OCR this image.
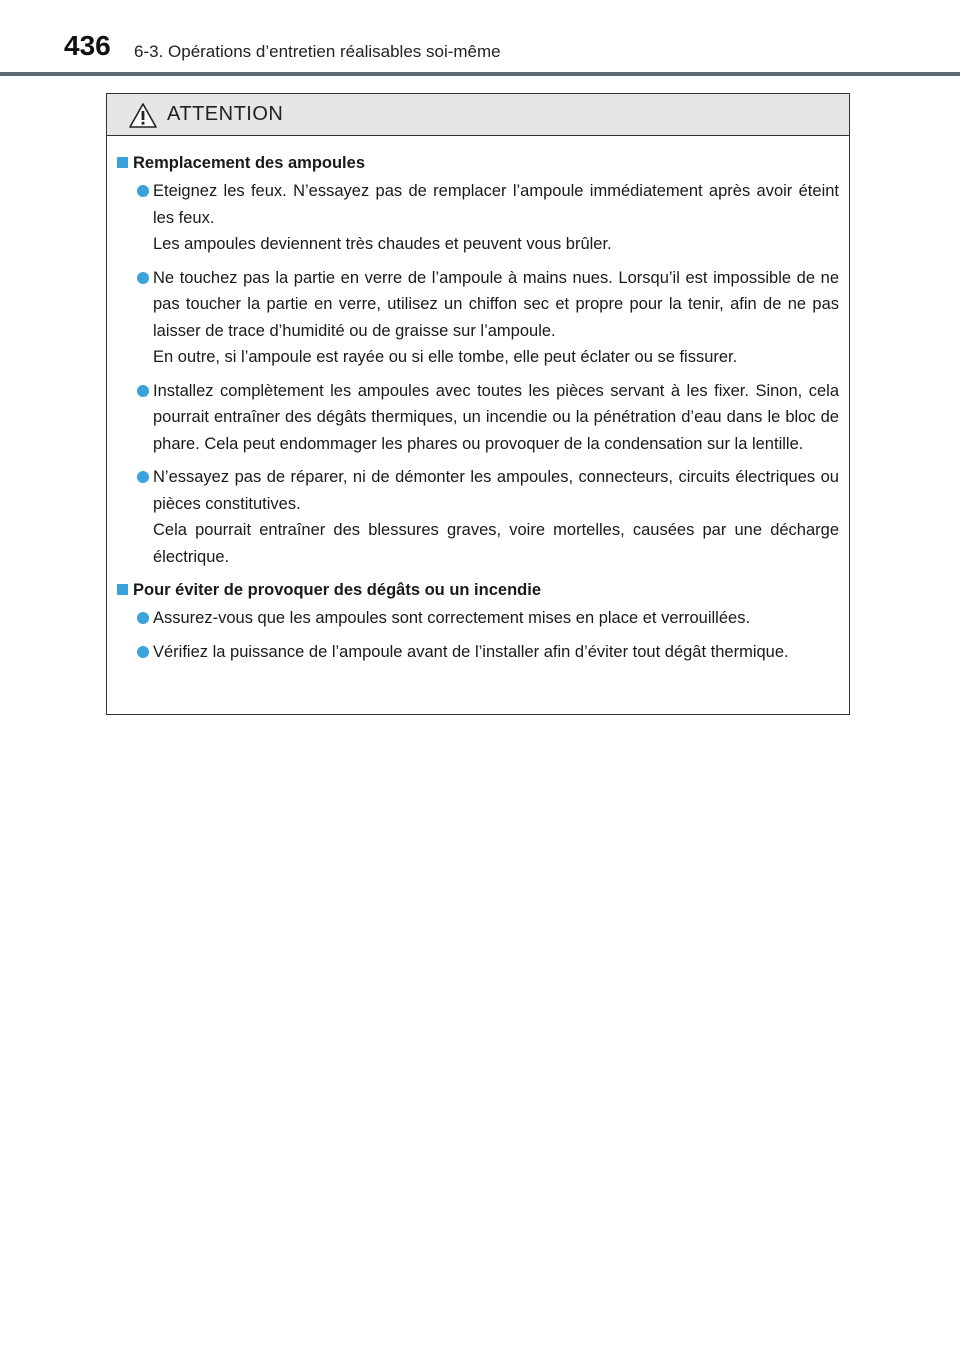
436 6-3. Opérations d’entretien réalisables soi-même
ATTENTION
Remplacement des ampoules

Eteignez les feux. N’essayez pas de remplacer l’ampoule immédiatement après avoir éteint les feux.

Les ampoules deviennent très chaudes et peuvent vous brûler.

Ne touchez pas la partie en verre de l’ampoule à mains nues. Lorsqu’il est impossible de ne pas toucher la partie en verre, utilisez un chiffon sec et propre pour la tenir, afin de ne pas laisser de trace d’humidité ou de graisse sur l’ampoule.

En outre, si l’ampoule est rayée ou si elle tombe, elle peut éclater ou se fissurer.

Installez complètement les ampoules avec toutes les pièces servant à les fixer. Sinon, cela pourrait entraîner des dégâts thermiques, un incendie ou la pénétration d’eau dans le bloc de phare. Cela peut endommager les phares ou provoquer de la condensation sur la lentille.

N’essayez pas de réparer, ni de démonter les ampoules, connecteurs, circuits électriques ou pièces constitutives.

Cela pourrait entraîner des blessures graves, voire mortelles, causées par une décharge électrique.

Pour éviter de provoquer des dégâts ou un incendie

Assurez-vous que les ampoules sont correctement mises en place et verrouillées.

Vérifiez la puissance de l’ampoule avant de l’installer afin d’éviter tout dégât thermique.
